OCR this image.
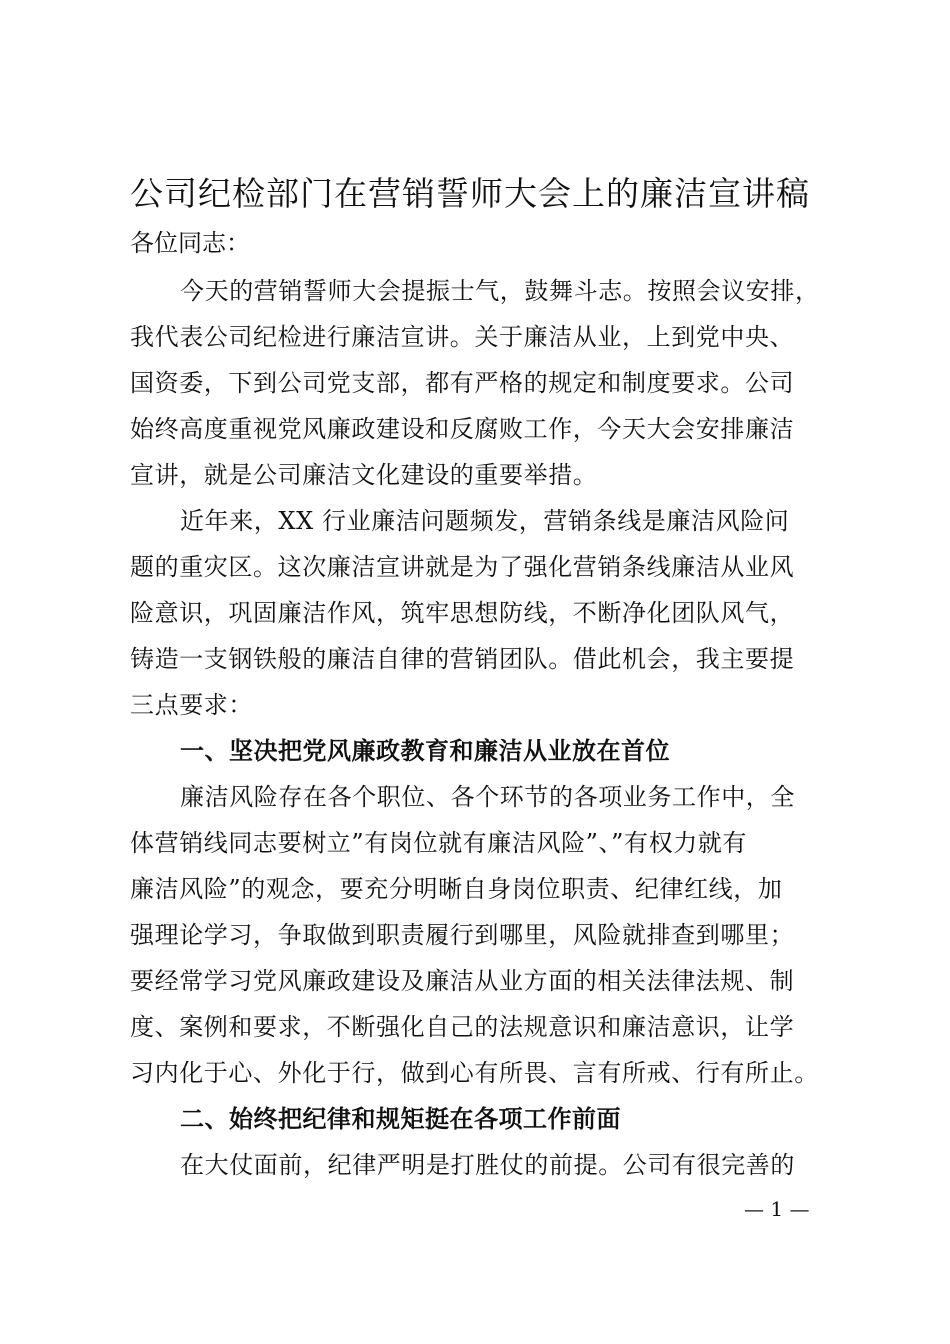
公司纪检部门在营销誓师大会上的廉洁宣讲稿
各位同志：
今天的营销誓师大会提振士气，鼓舞斗志。按照会议安排，
我代表公司纪检进行廉洁宣讲。关于廉洁从业，上到党中央、
国资委，下到公司党支部，都有严格的规定和制度要求。公司
始终高度重视党风廉政建设和反腐败工作，今天大会安排廉洁
宣讲，就是公司廉洁文化建设的重要举措。
近年来，XX 行业廉洁问题频发，营销条线是廉洁风险问
题的重灾区。这次廉洁宣讲就是为了强化营销条线廉洁从业风
险意识，巩固廉洁作风，筑牢思想防线，不断净化团队风气，
铸造一支钢铁般的廉洁自律的营销团队。借此机会，我主要提
三点要求：
一、坚决把党风廉政教育和廉洁从业放在首位
廉洁风险存在各个职位、各个环节的各项业务工作中，全
体营销线同志要树立”有岗位就有廉洁风险”、”有权力就有
廉洁风险”的观念，要充分明晰自身岗位职责、纪律红线，加
强理论学习，争取做到职责履行到哪里，风险就排查到哪里；
要经常学习党风廉政建设及廉洁从业方面的相关法律法规、制
度、案例和要求，不断强化自己的法规意识和廉洁意识，让学
习内化于心、外化于行，做到心有所畏、言有所戒、行有所止。
二、始终把纪律和规矩挺在各项工作前面
在大仗面前，纪律严明是打胜仗的前提。公司有很完善的
— 1 —
